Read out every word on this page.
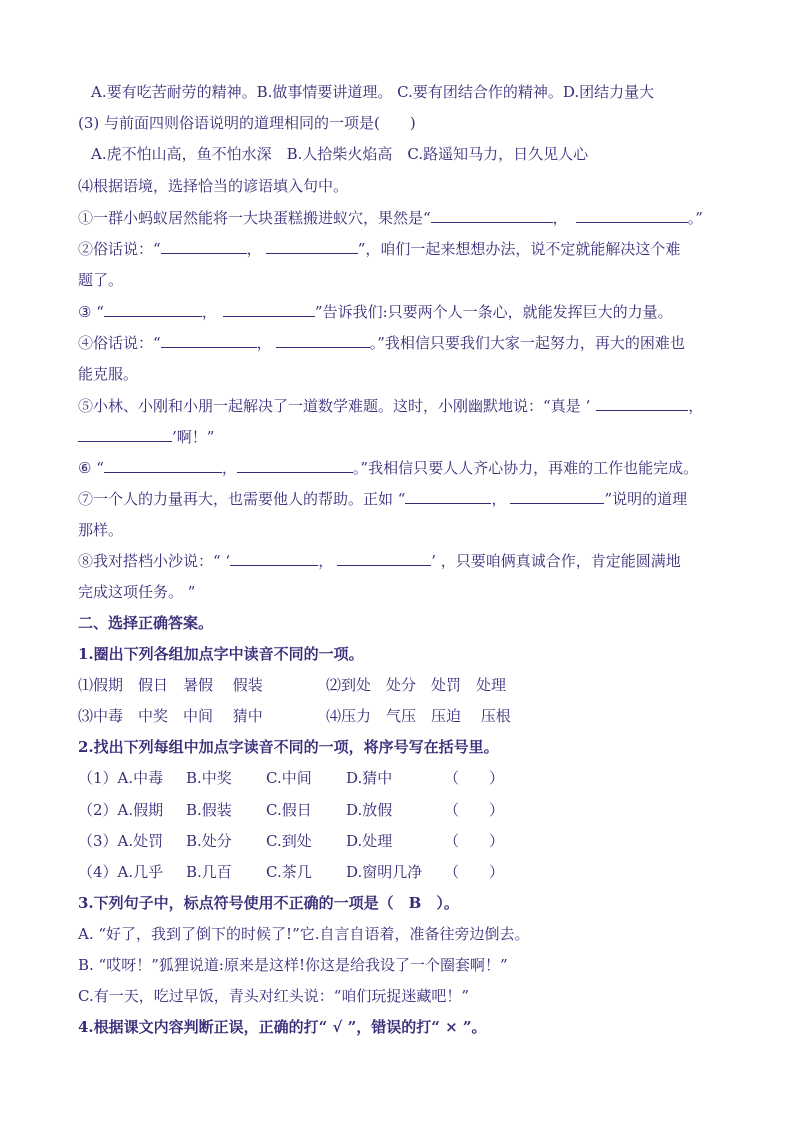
A.要有吃苦耐劳的精神。B.做事情要讲道理。 C.要有团结合作的精神。D.团结力量大
(3) 与前面四则俗语说明的道理相同的一项是(　　)
A.虎不怕山高，鱼不怕水深　B.人拾柴火焰高　C.路遥知马力，日久见人心
⑷根据语境，选择恰当的谚语填入句中。
①一群小蚂蚁居然能将一大块蛋糕搬进蚁穴，果然是“	，	。”
②俗话说：“	，	”，咱们一起来想想办法，说不定就能解决这个难
题了。
③ “	，	”告诉我们:只要两个人一条心，就能发挥巨大的力量。
④俗话说：“	，	。”我相信只要我们大家一起努力，再大的困难也
能克服。
⑤小林、小刚和小朋一起解决了一道数学难题。这时，小刚幽默地说：“真是 ‘	，
’啊！”
⑥ “	，	。”我相信只要人人齐心协力，再难的工作也能完成。
⑦一个人的力量再大，也需要他人的帮助。正如 “	，	”说明的道理
那样。
⑧我对搭档小沙说：“ ‘	，	’ ，只要咱俩真诚合作，肯定能圆满地
完成这项任务。 ”
二、选择正确答案。
1.圈出下列各组加点字中读音不同的一项。
⑴假期　假日　暑假　 假装	⑵到处　处分　处罚　处理
⑶中毒　中奖　中间　 猜中	⑷压力　气压　压迫　 压根
2.找出下列每组中加点字读音不同的一项，将序号写在括号里。
（1）A.中毒 B.中奖 C.中间 D.猜中	（　　）
（2）A.假期 B.假装 C.假日 D.放假	（　　）
（3）A.处罚 B.处分 C.到处 D.处理	（　　）
（4）A.几乎 B.几百 C.茶几 D.窗明几净 （　　）
3.下列句子中，标点符号使用不正确的一项是（　B　）。
A. “好了，我到了倒下的时候了!”它.自言自语着，准备往旁边倒去。
B. “哎呀！”狐狸说道:原来是这样!你这是给我设了一个圈套啊！”
C.有一天，吃过早饭，青头对红头说：“咱们玩捉迷藏吧！”
4.根据课文内容判断正误，正确的打“ √ ”，错误的打“ × ”。
